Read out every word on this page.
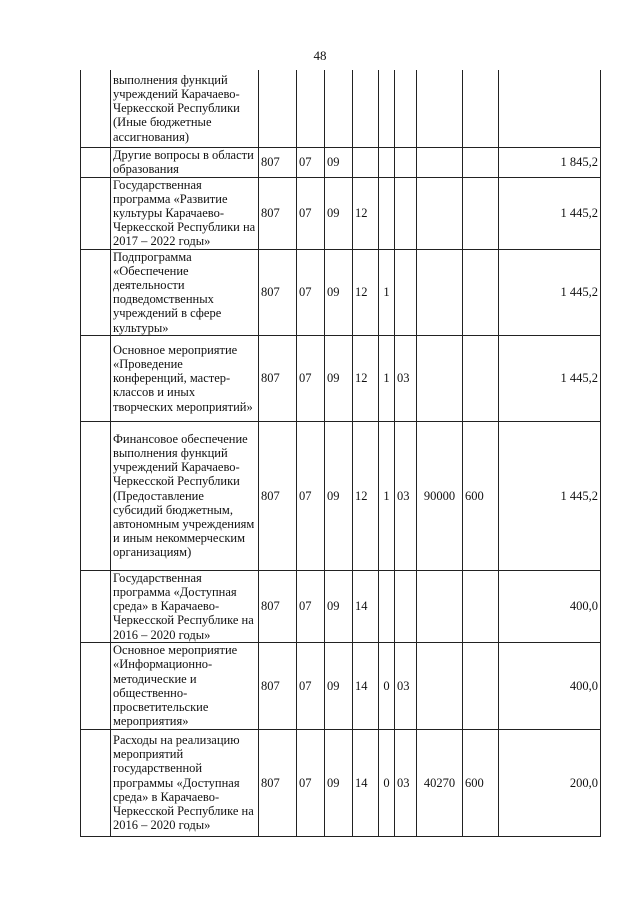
48
	выполнения функций учреждений Карачаево-Черкесской Республики (Иные бюджетные ассигнования)									
	Другие вопросы в области образования	807	07	09						1 845,2
	Государственная программа «Развитие культуры Карачаево-Черкесской Республики на 2017 – 2022 годы»	807	07	09	12					1 445,2
	Подпрограмма «Обеспечение деятельности подведомственных учреждений в сфере культуры»	807	07	09	12	1				1 445,2
	Основное мероприятие «Проведение конференций, мастер-классов и иных творческих мероприятий»	807	07	09	12	1	03			1 445,2
	Финансовое обеспечение выполнения функций учреждений Карачаево-Черкесской Республики (Предоставление субсидий бюджетным, автономным учреждениям и иным некоммерческим организациям)	807	07	09	12	1	03	90000	600	1 445,2
	Государственная программа «Доступная среда» в Карачаево-Черкесской Республике на 2016 – 2020 годы»	807	07	09	14					400,0
	Основное мероприятие «Информационно-методические и общественно-просветительские мероприятия»	807	07	09	14	0	03			400,0
	Расходы на реализацию мероприятий государственной программы «Доступная среда» в Карачаево-Черкесской Республике на 2016 – 2020 годы»	807	07	09	14	0	03	40270	600	200,0
